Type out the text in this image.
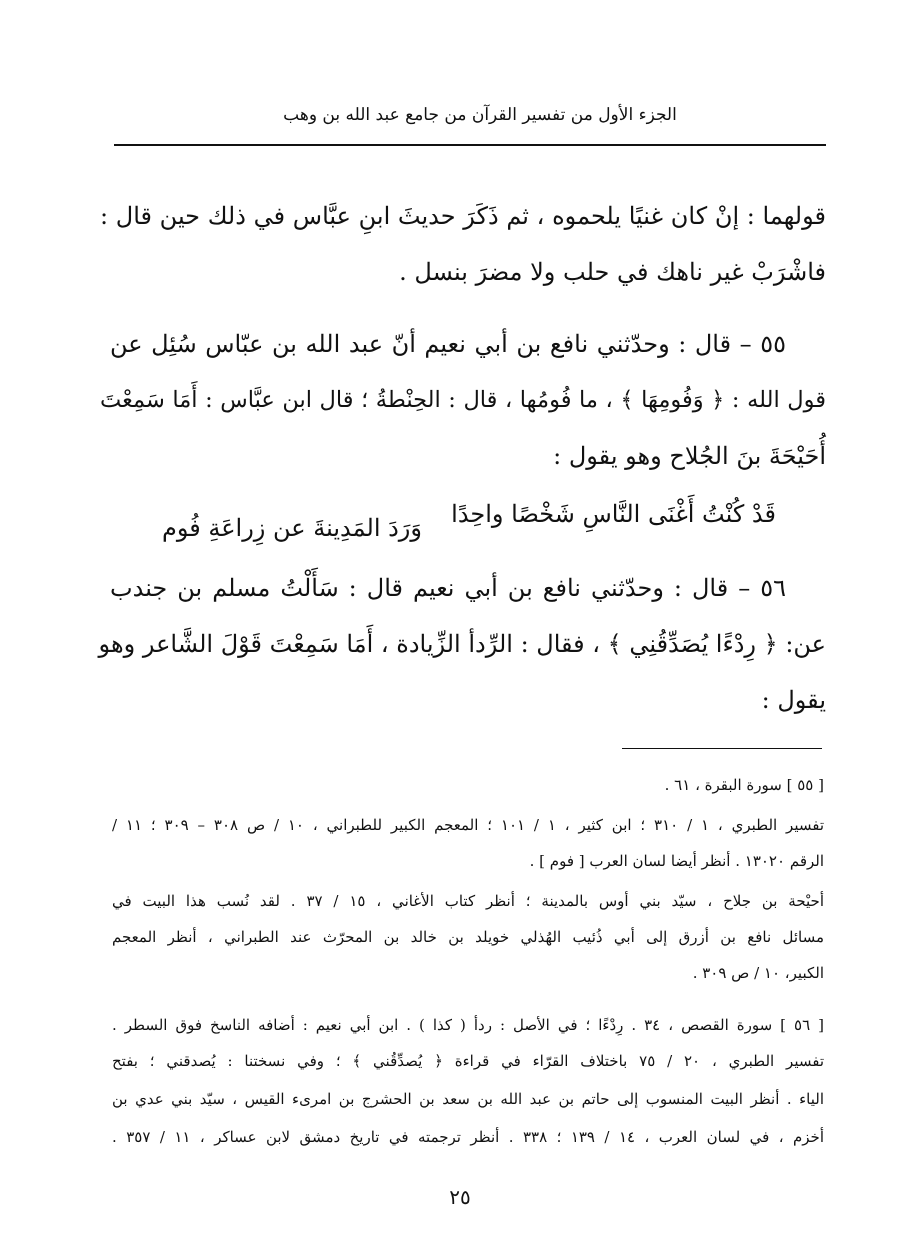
الجزء الأول من تفسير القرآن من جامع عبد الله بن وهب
قولهما : إنْ كان غنيًا يلحموه ، ثم ذَكَرَ حديثَ ابنِ عبَّاس في ذلك حين قال :
فاشْرَبْ غير ناهك في حلب ولا مضرَ بنسل .
٥٥ – قال : وحدّثني نافع بن أبي نعيم أنّ عبد الله بن عبّاس سُئِل عن
قول الله : ﴿ وَفُومِهَا ﴾ ، ما فُومُها ، قال : الحِنْطةُ ؛ قال ابن عبَّاس : أَمَا سَمِعْتَ
أُحَيْحَةَ بنَ الجُلاح وهو يقول :
قَدْ كُنْتُ أَغْنَى النَّاسِ شَخْصًا واحِدًا
وَرَدَ المَدِينةَ عن زِراعَةِ فُوم
٥٦ – قال : وحدّثني نافع بن أبي نعيم قال : سَأَلْتُ مسلم بن جندب
عن: ﴿ رِدْءًا يُصَدِّقُنِي ﴾ ، فقال : الرِّدأ الزِّيادة ، أَمَا سَمِعْتَ قَوْلَ الشَّاعر وهو
يقول :
[ ٥٥ ] سورة البقرة ، ٦١ .
تفسير الطبري ، ١ / ٣١٠ ؛ ابن كثير ، ١ / ١٠١ ؛ المعجم الكبير للطبراني ، ١٠ / ص ٣٠٨ – ٣٠٩ ؛ ١١ /
الرقم ١٣٠٢٠ . أنظر أيضا لسان العرب [ فوم ] .
أحيْحة بن جلاح ، سيّد بني أوس بالمدينة ؛ أنظر كتاب الأغاني ، ١٥ / ٣٧ . لقد نُسب هذا البيت في
مسائل نافع بن أزرق إلى أبي ذُئيب الهُذلي خويلد بن خالد بن المحرّث عند الطبراني ، أنظر المعجم
الكبير، ١٠ / ص ٣٠٩ .
[ ٥٦ ] سورة القصص ، ٣٤ . رِدْءًا ؛ في الأصل : ردأ ( كذا ) . ابن أبي نعيم : أضافه الناسخ فوق السطر .
تفسير الطبري ، ٢٠ / ٧٥ باختلاف القرّاء في قراءة ﴿ يُصدِّقُني ﴾ ؛ وفي نسختنا : يُصدقني ؛ بفتح
الياء . أنظر البيت المنسوب إلى حاتم بن عبد الله بن سعد بن الحشرج بن امرىء القيس ، سيّد بني عدي بن
أخزم ، في لسان العرب ، ١٤ / ١٣٩ ؛ ٣٣٨ . أنظر ترجمته في تاريخ دمشق لابن عساكر ، ١١ / ٣٥٧ .
٢٥
